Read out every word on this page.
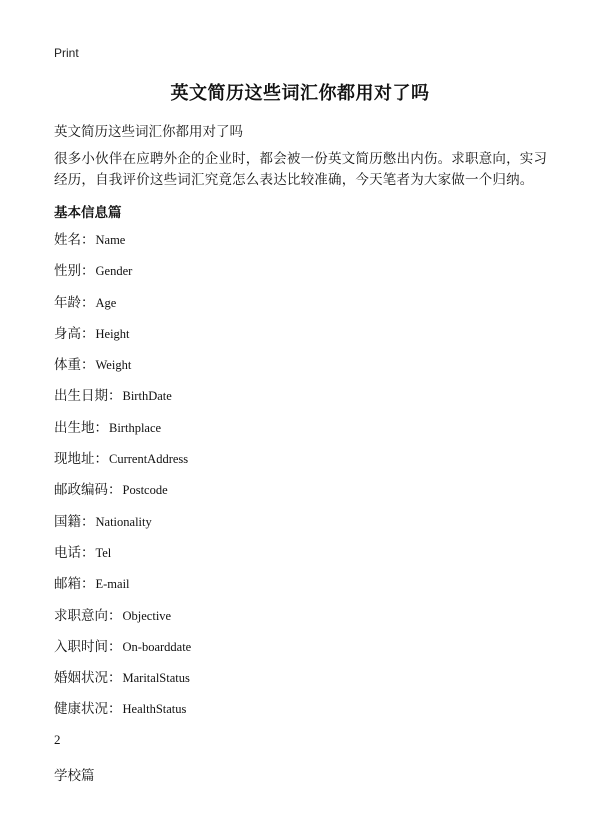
Print
英文简历这些词汇你都用对了吗
英文简历这些词汇你都用对了吗
很多小伙伴在应聘外企的企业时，都会被一份英文简历憋出内伤。求职意向，实习经历，自我评价这些词汇究竟怎么表达比较准确，今天笔者为大家做一个归纳。
基本信息篇
姓名：Name
性别：Gender
年龄：Age
身高：Height
体重：Weight
出生日期：BirthDate
出生地：Birthplace
现地址：CurrentAddress
邮政编码：Postcode
国籍：Nationality
电话：Tel
邮箱：E-mail
求职意向：Objective
入职时间：On-boarddate
婚姻状况：MaritalStatus
健康状况：HealthStatus
2
学校篇
